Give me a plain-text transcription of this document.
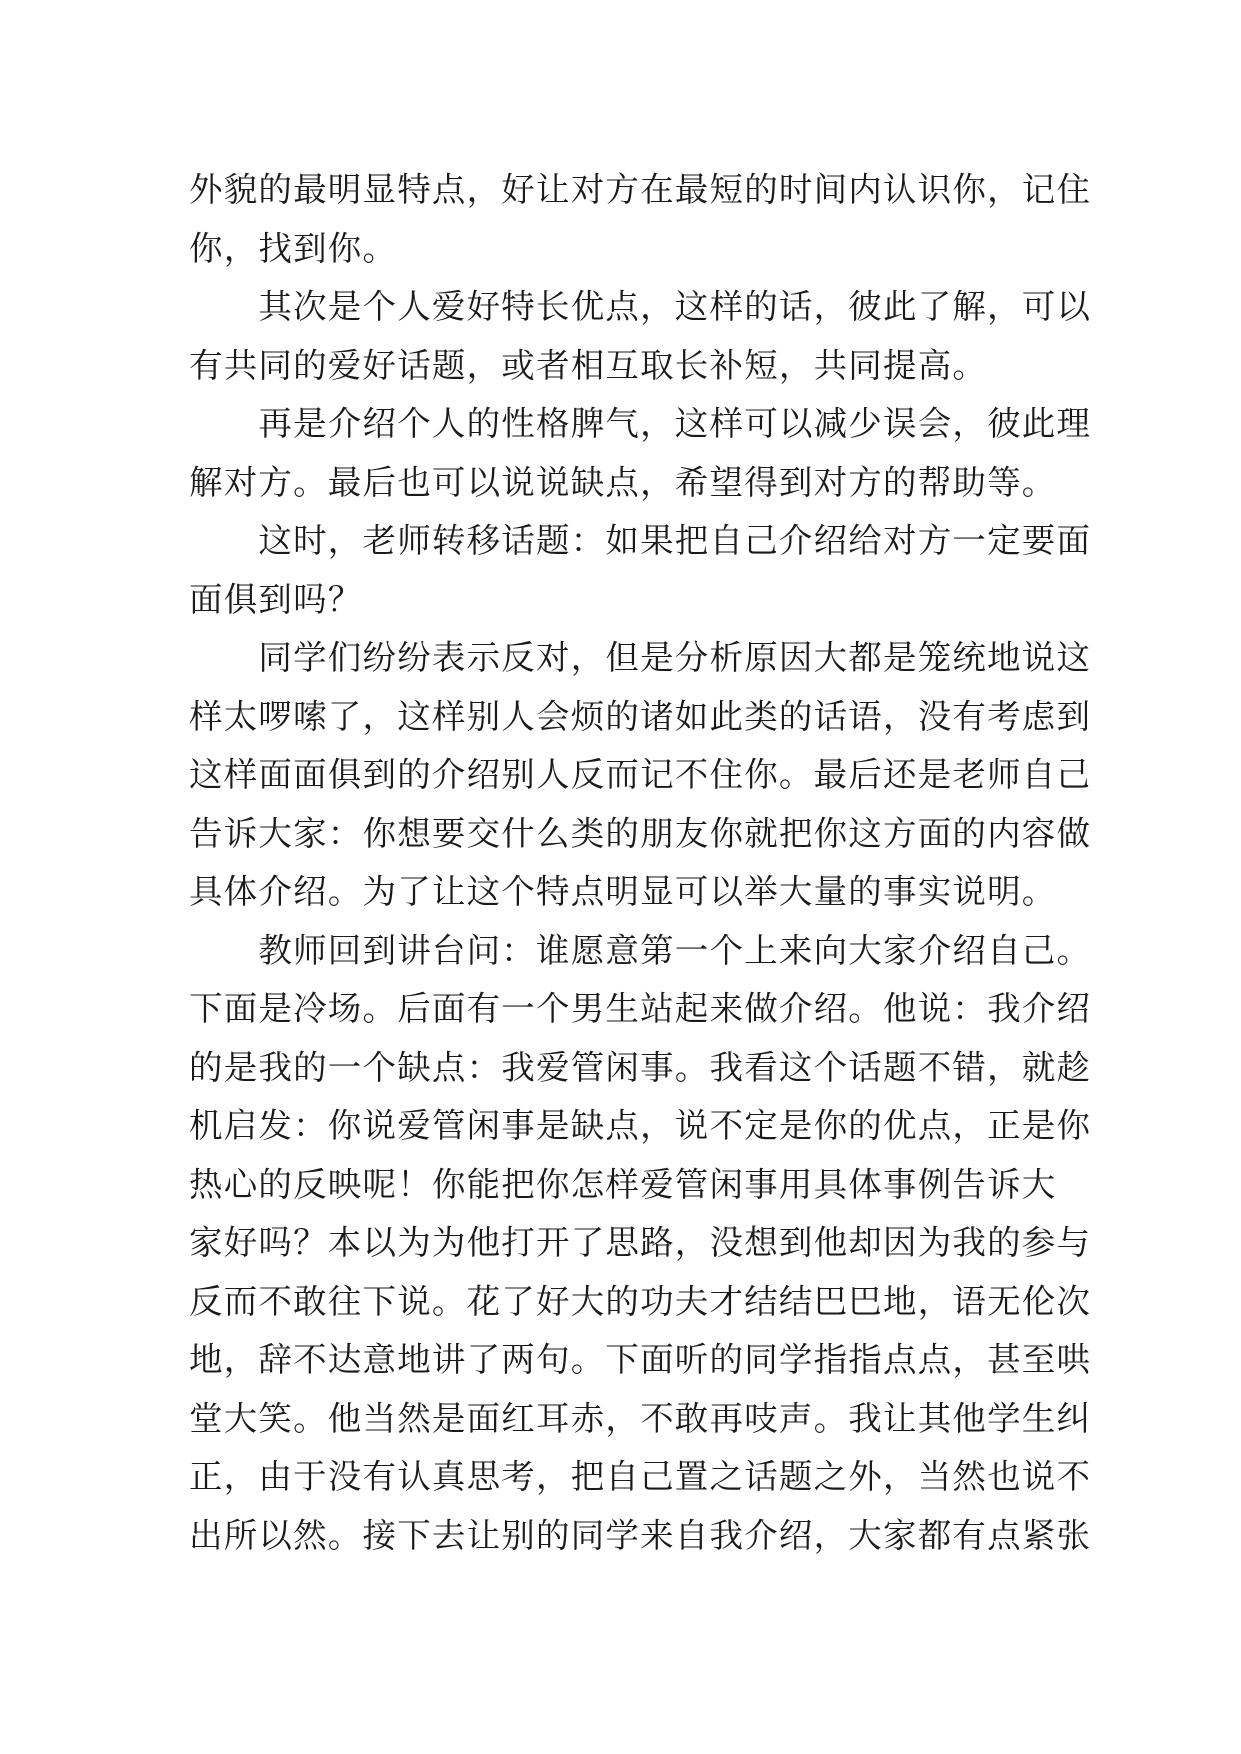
外貌的最明显特点，好让对方在最短的时间内认识你，记住
你，找到你。
　　其次是个人爱好特长优点，这样的话，彼此了解，可以
有共同的爱好话题，或者相互取长补短，共同提高。
　　再是介绍个人的性格脾气，这样可以减少误会，彼此理
解对方。最后也可以说说缺点，希望得到对方的帮助等。
　　这时，老师转移话题：如果把自己介绍给对方一定要面
面俱到吗？
　　同学们纷纷表示反对，但是分析原因大都是笼统地说这
样太啰嗦了，这样别人会烦的诸如此类的话语，没有考虑到
这样面面俱到的介绍别人反而记不住你。最后还是老师自己
告诉大家：你想要交什么类的朋友你就把你这方面的内容做
具体介绍。为了让这个特点明显可以举大量的事实说明。
　　教师回到讲台问：谁愿意第一个上来向大家介绍自己。
下面是冷场。后面有一个男生站起来做介绍。他说：我介绍
的是我的一个缺点：我爱管闲事。我看这个话题不错，就趁
机启发：你说爱管闲事是缺点，说不定是你的优点，正是你
热心的反映呢！你能把你怎样爱管闲事用具体事例告诉大
家好吗？本以为为他打开了思路，没想到他却因为我的参与
反而不敢往下说。花了好大的功夫才结结巴巴地，语无伦次
地，辞不达意地讲了两句。下面听的同学指指点点，甚至哄
堂大笑。他当然是面红耳赤，不敢再吱声。我让其他学生纠
正，由于没有认真思考，把自己置之话题之外，当然也说不
出所以然。接下去让别的同学来自我介绍，大家都有点紧张
